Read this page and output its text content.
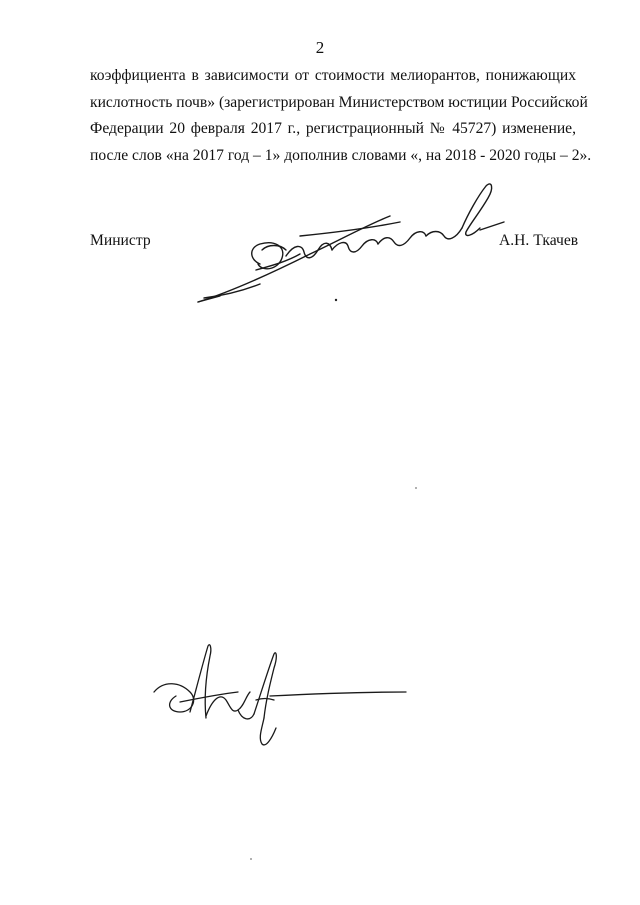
2
коэффициента в зависимости от стоимости мелиорантов, понижающих
кислотность почв» (зарегистрирован Министерством юстиции Российской
Федерации 20 февраля 2017 г., регистрационный № 45727) изменение,
после слов «на 2017 год – 1» дополнив словами «, на 2018 - 2020 годы – 2».
Министр	А.Н. Ткачев
